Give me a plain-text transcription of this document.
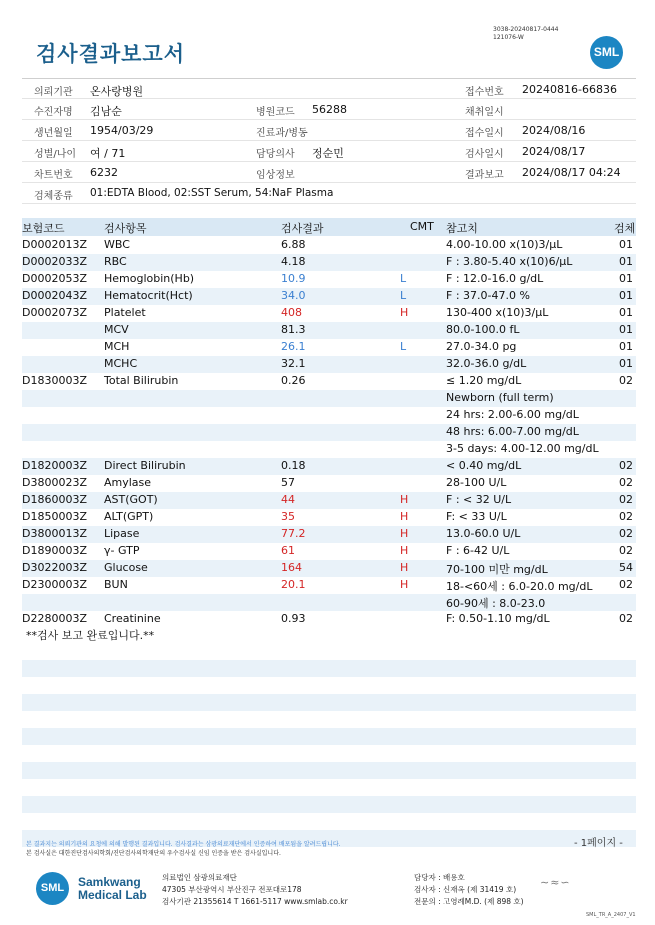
검사결과보고서
3038-20240817-0444
121076-W
SML
의뢰기관 온사랑병원	접수번호 20240816-66836
수진자명 김남순	병원코드 56288	채취일시
생년월일 1954/03/29	진료과/병동	접수일시 2024/08/16
성별/나이 여 / 71	담당의사 정순민	검사일시 2024/08/17
차트번호 6232	임상정보	결과보고 2024/08/17 04:24
검체종류 01:EDTA Blood, 02:SST Serum, 54:NaF Plasma
보험코드	검사항목	검사결과	CMT 참고치	검체
D0002013Z WBC	6.88	4.00-10.00 x(10)3/μL	01
D0002033Z RBC	4.18	F : 3.80-5.40 x(10)6/μL	01
D0002053Z Hemoglobin(Hb)	10.9	L	F : 12.0-16.0 g/dL	01
D0002043Z Hematocrit(Hct)	34.0	L	F : 37.0-47.0 %	01
D0002073Z Platelet	408	H	130-400 x(10)3/μL	01
MCV	81.3	80.0-100.0 fL	01
MCH	26.1	L	27.0-34.0 pg	01
MCHC	32.1	32.0-36.0 g/dL	01
D1830003Z Total Bilirubin	0.26	≤ 1.20 mg/dL	02
Newborn (full term)
24 hrs: 2.00-6.00 mg/dL
48 hrs: 6.00-7.00 mg/dL
3-5 days: 4.00-12.00 mg/dL
D1820003Z Direct Bilirubin	0.18	< 0.40 mg/dL	02
D3800023Z Amylase	57	28-100 U/L	02
D1860003Z AST(GOT)	44	H	F : < 32 U/L	02
D1850003Z ALT(GPT)	35	H	F: < 33 U/L	02
D3800013Z Lipase	77.2	H	13.0-60.0 U/L	02
D1890003Z γ- GTP	61	H	F : 6-42 U/L	02
D3022003Z Glucose	164	H	70-100 미만 mg/dL	54
D2300003Z BUN	20.1	H	18-<60세 : 6.0-20.0 mg/dL 02
60-90세 : 8.0-23.0
D2280003Z Creatinine	0.93	F: 0.50-1.10 mg/dL	02
**검사 보고 완료입니다.**
본 결과지는 의뢰기관의 요청에 의해 발행된 결과입니다. 검사결과는 삼광의료재단에서 인증하여 배포됨을 알려드립니다.
본 검사실은 대한진단검사의학회/진단검사의학재단의 우수검사실 신임 인증을 받은 검사실입니다.
- 1페이지 -
SML	Samkwang
Medical Lab
의료법인 삼광의료재단
47305 부산광역시 부산진구 전포대로178
검사기관 21355614 T 1661-5117 www.smlab.co.kr
담당자 : 배용호
검사자 : 신재옥 (제 31419 호)
전문의 : 고영례M.D. (제 898 호)
∼≈∽
SML_TR_A_2407_V1
